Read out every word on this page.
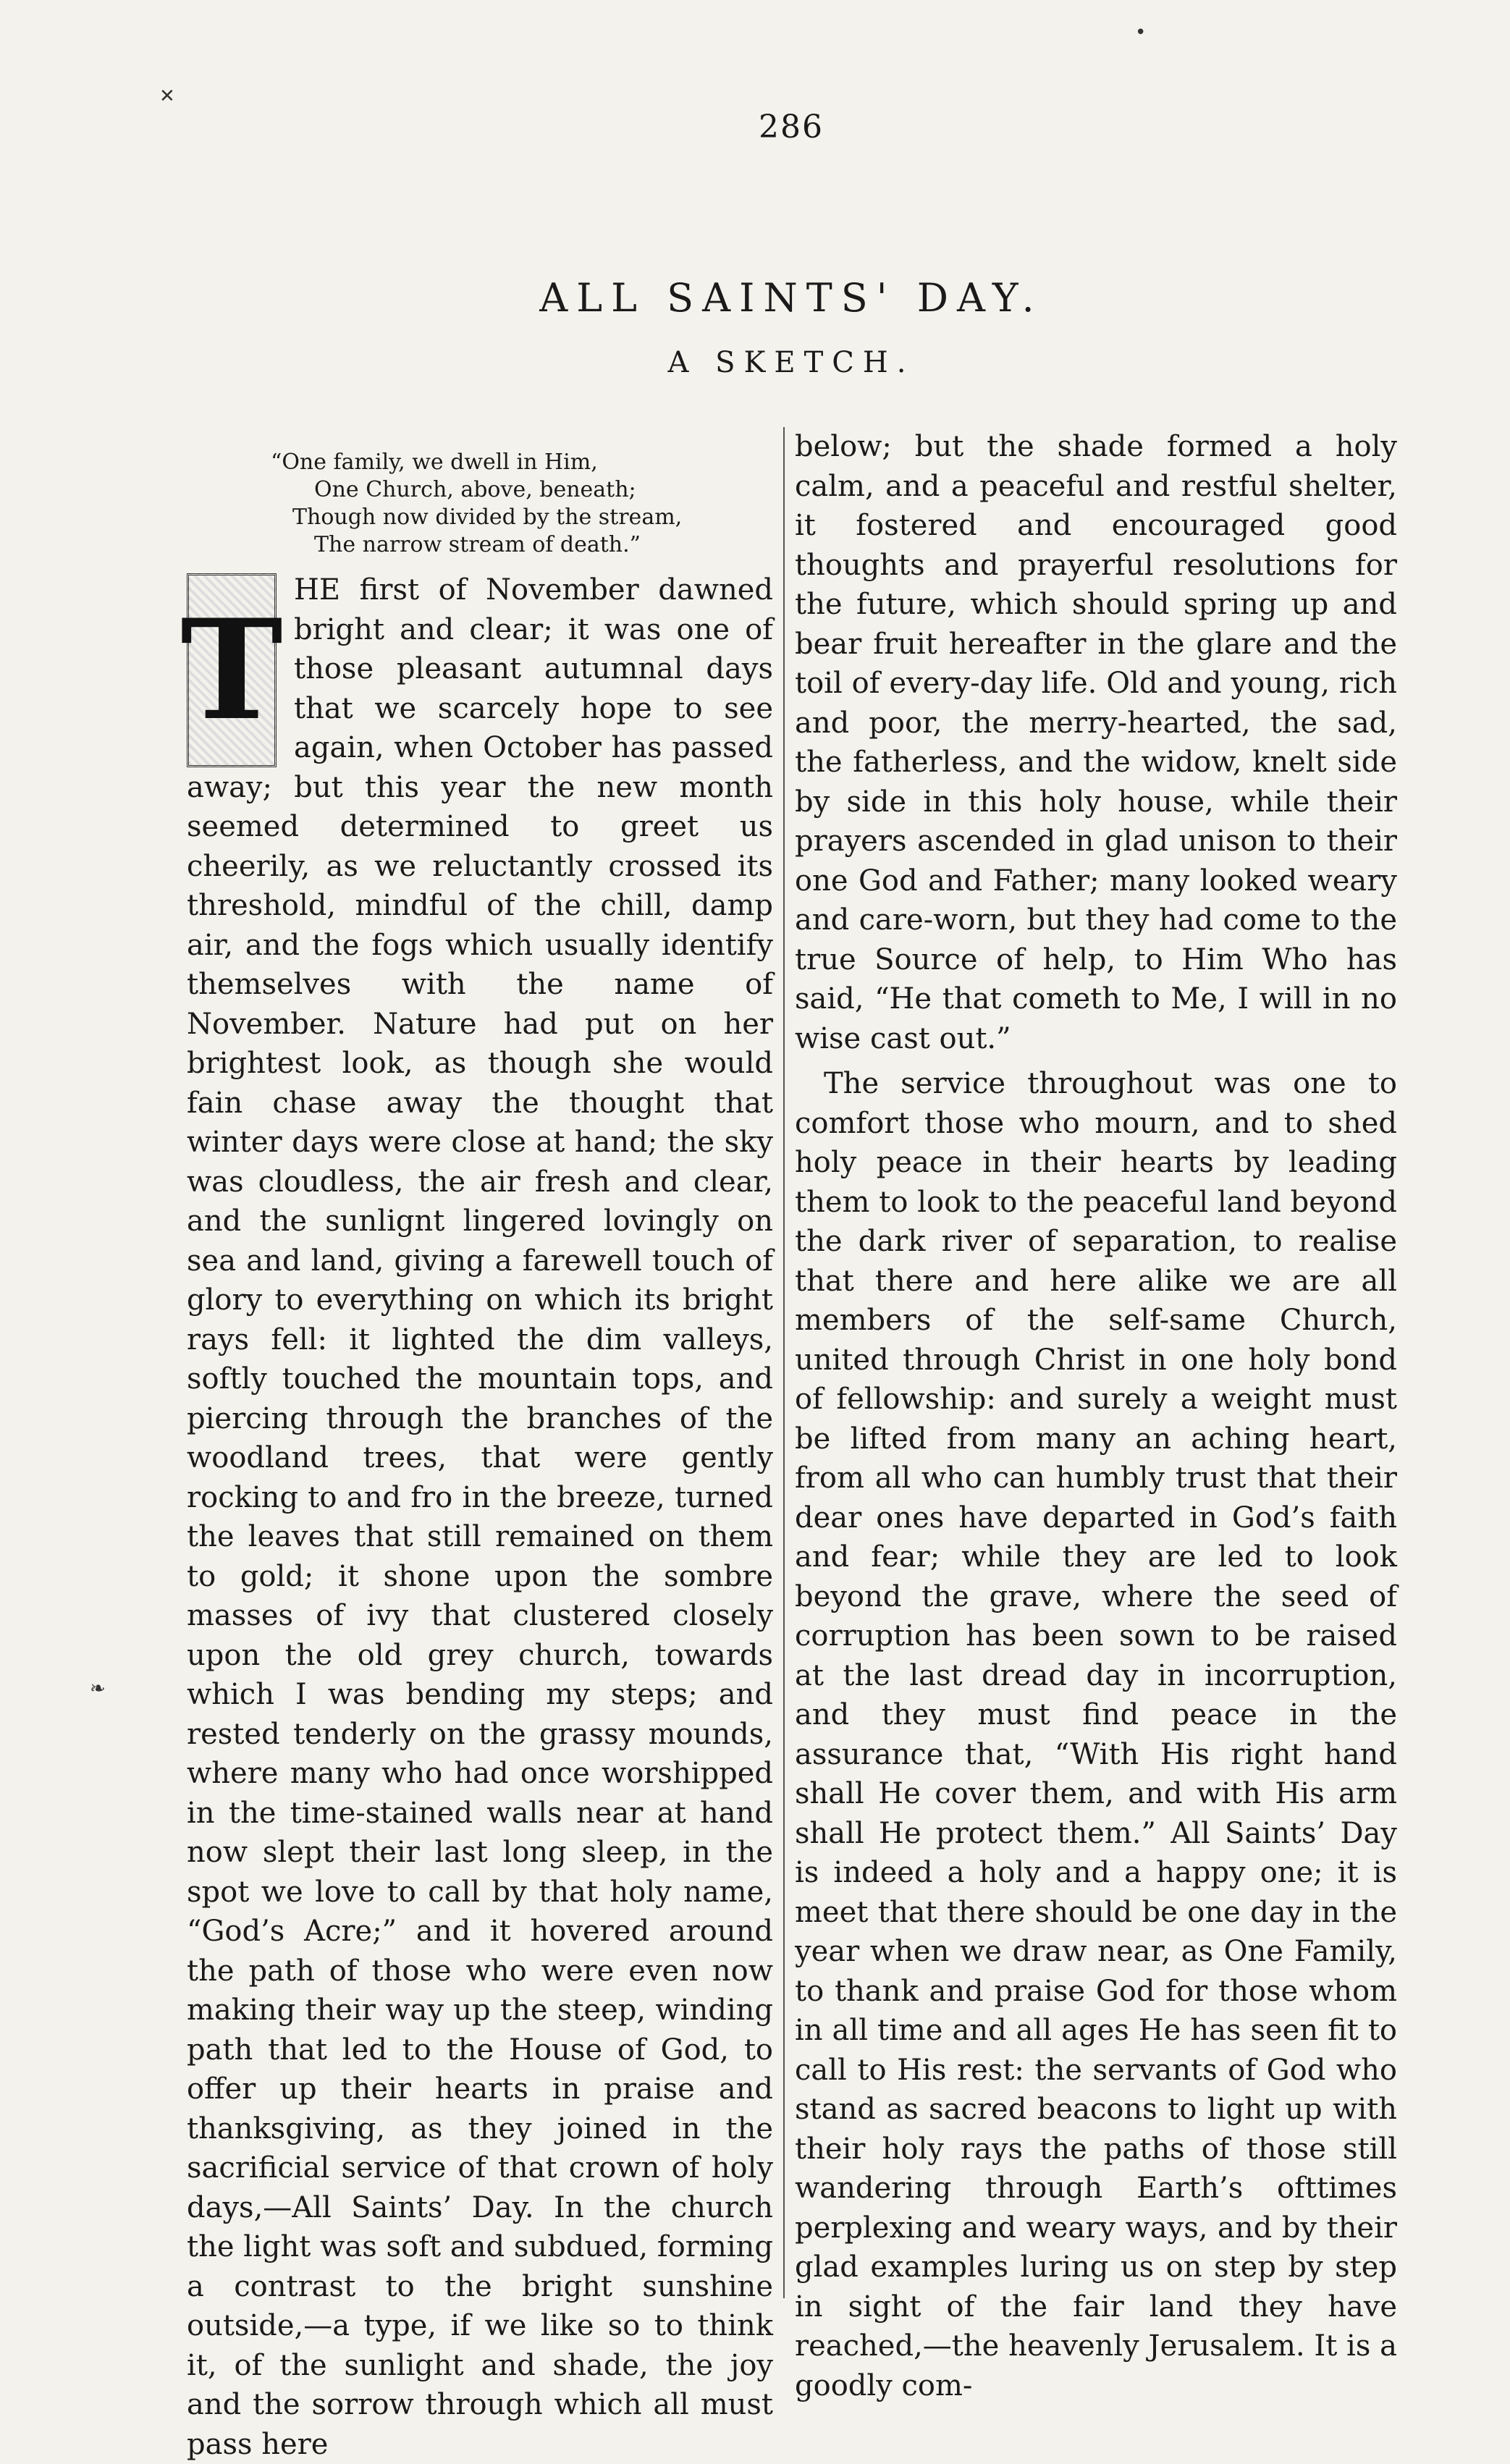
286
ALL SAINTS' DAY.
A SKETCH.
“One family, we dwell in Him,
One Church, above, beneath;
Though now divided by the stream,
The narrow stream of death.”
T HE first of November dawned bright and clear; it was one of those pleasant autumnal days that we scarcely hope to see again, when October has passed away; but this year the new month seemed determined to greet us cheerily, as we reluctantly crossed its threshold, mindful of the chill, damp air, and the fogs which usually identify themselves with the name of November. Nature had put on her brightest look, as though she would fain chase away the thought that winter days were close at hand; the sky was cloudless, the air fresh and clear, and the sunlignt lingered lovingly on sea and land, giving a farewell touch of glory to everything on which its bright rays fell: it lighted the dim valleys, softly touched the mountain tops, and piercing through the branches of the woodland trees, that were gently rocking to and fro in the breeze, turned the leaves that still remained on them to gold; it shone upon the sombre masses of ivy that clustered closely upon the old grey church, towards which I was bending my steps; and rested tenderly on the grassy mounds, where many who had once worshipped in the time-stained walls near at hand now slept their last long sleep, in the spot we love to call by that holy name, “God’s Acre;” and it hovered around the path of those who were even now making their way up the steep, winding path that led to the House of God, to offer up their hearts in praise and thanksgiving, as they joined in the sacrificial service of that crown of holy days,—All Saints’ Day. In the church the light was soft and subdued, forming a contrast to the bright sunshine outside,—a type, if we like so to think it, of the sunlight and shade, the joy and the sorrow through which all must pass here

below; but the shade formed a holy calm, and a peaceful and restful shelter, it fostered and encouraged good thoughts and prayerful resolutions for the future, which should spring up and bear fruit hereafter in the glare and the toil of every-day life. Old and young, rich and poor, the merry-hearted, the sad, the fatherless, and the widow, knelt side by side in this holy house, while their prayers ascended in glad unison to their one God and Father; many looked weary and care-worn, but they had come to the true Source of help, to Him Who has said, “He that cometh to Me, I will in no wise cast out.”

The service throughout was one to comfort those who mourn, and to shed holy peace in their hearts by leading them to look to the peaceful land beyond the dark river of separation, to realise that there and here alike we are all members of the self-same Church, united through Christ in one holy bond of fellowship: and surely a weight must be lifted from many an aching heart, from all who can humbly trust that their dear ones have departed in God’s faith and fear; while they are led to look beyond the grave, where the seed of corruption has been sown to be raised at the last dread day in incorruption, and they must find peace in the assurance that, “With His right hand shall He cover them, and with His arm shall He protect them.” All Saints’ Day is indeed a holy and a happy one; it is meet that there should be one day in the year when we draw near, as One Family, to thank and praise God for those whom in all time and all ages He has seen fit to call to His rest: the servants of God who stand as sacred beacons to light up with their holy rays the paths of those still wandering through Earth’s ofttimes perplexing and weary ways, and by their glad examples luring us on step by step in sight of the fair land they have reached,—the heavenly Jerusalem. It is a goodly com-

✕
❧
•
